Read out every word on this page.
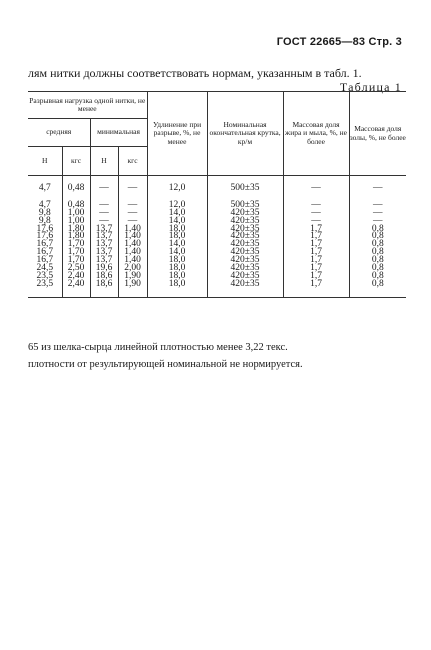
ГОСТ 22665—83 Стр. 3
лям нитки должны соответствовать нормам, указанным в табл. 1.
Таблица 1
Разрывная нагрузка одной нитки, не менее				Удлинение при разрыве, %, не менее	Номинальная окончательная крутка, кр/м	Массовая доля жира и мыла, %, не более	Массовая доля золы, %, не более
средняя		минимальная					
Н	кгс	Н	кгс				

4,7	0,48	—	—	12,0	500±35	—	—

4,7	0,48	—	—	12,0	500±35	—	—
9,8	1,00	—	—	14,0	420±35	—	—
9,8	1,00	—	—	14,0	420±35	—	—
17,6	1,80	13,7	1,40	18,0	420±35	1,7	0,8
17,6	1,80	13,7	1,40	18,0	420±35	1,7	0,8
16,7	1,70	13,7	1,40	14,0	420±35	1,7	0,8
16,7	1,70	13,7	1,40	14,0	420±35	1,7	0,8
16,7	1,70	13,7	1,40	18,0	420±35	1,7	0,8
24,5	2,50	19,6	2,00	18,0	420±35	1,7	0,8
23,5	2,40	18,6	1,90	18,0	420±35	1,7	0,8
23,5	2,40	18,6	1,90	18,0	420±35	1,7	0,8

65 из шелка-сырца линейной плотностью менее 3,22 текс.
плотности от результирующей номинальной не нормируется.
